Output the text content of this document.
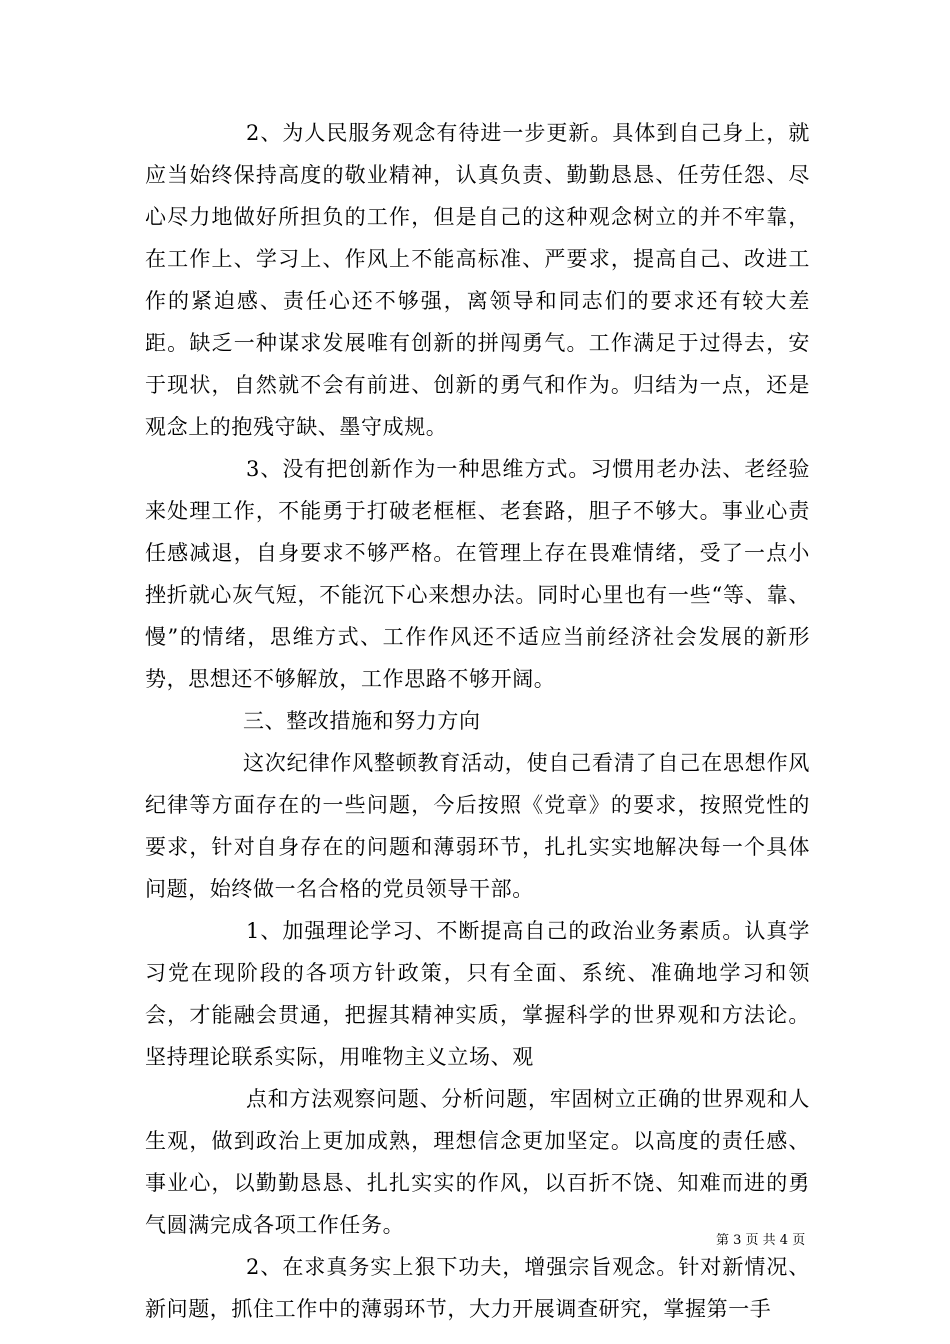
2、为人民服务观念有待进一步更新。具体到自己身上，就应当始终保持高度的敬业精神，认真负责、勤勤恳恳、任劳任怨、尽心尽力地做好所担负的工作，但是自己的这种观念树立的并不牢靠，在工作上、学习上、作风上不能高标准、严要求，提高自己、改进工作的紧迫感、责任心还不够强，离领导和同志们的要求还有较大差距。缺乏一种谋求发展唯有创新的拼闯勇气。工作满足于过得去，安于现状，自然就不会有前进、创新的勇气和作为。归结为一点，还是观念上的抱残守缺、墨守成规。

3、没有把创新作为一种思维方式。习惯用老办法、老经验来处理工作，不能勇于打破老框框、老套路，胆子不够大。事业心责任感减退，自身要求不够严格。在管理上存在畏难情绪，受了一点小挫折就心灰气短，不能沉下心来想办法。同时心里也有一些“等、靠、慢”的情绪，思维方式、工作作风还不适应当前经济社会发展的新形势，思想还不够解放，工作思路不够开阔。

三、整改措施和努力方向

这次纪律作风整顿教育活动，使自己看清了自己在思想作风纪律等方面存在的一些问题，今后按照《党章》的要求，按照党性的要求，针对自身存在的问题和薄弱环节，扎扎实实地解决每一个具体问题，始终做一名合格的党员领导干部。

1、加强理论学习、不断提高自己的政治业务素质。认真学习党在现阶段的各项方针政策，只有全面、系统、准确地学习和领会，才能融会贯通，把握其精神实质，掌握科学的世界观和方法论。坚持理论联系实际，用唯物主义立场、观

点和方法观察问题、分析问题，牢固树立正确的世界观和人生观，做到政治上更加成熟，理想信念更加坚定。以高度的责任感、事业心，以勤勤恳恳、扎扎实实的作风，以百折不饶、知难而进的勇气圆满完成各项工作任务。

2、在求真务实上狠下功夫，增强宗旨观念。针对新情况、新问题，抓住工作中的薄弱环节，大力开展调查研究，掌握第一手

第 3 页 共 4 页
